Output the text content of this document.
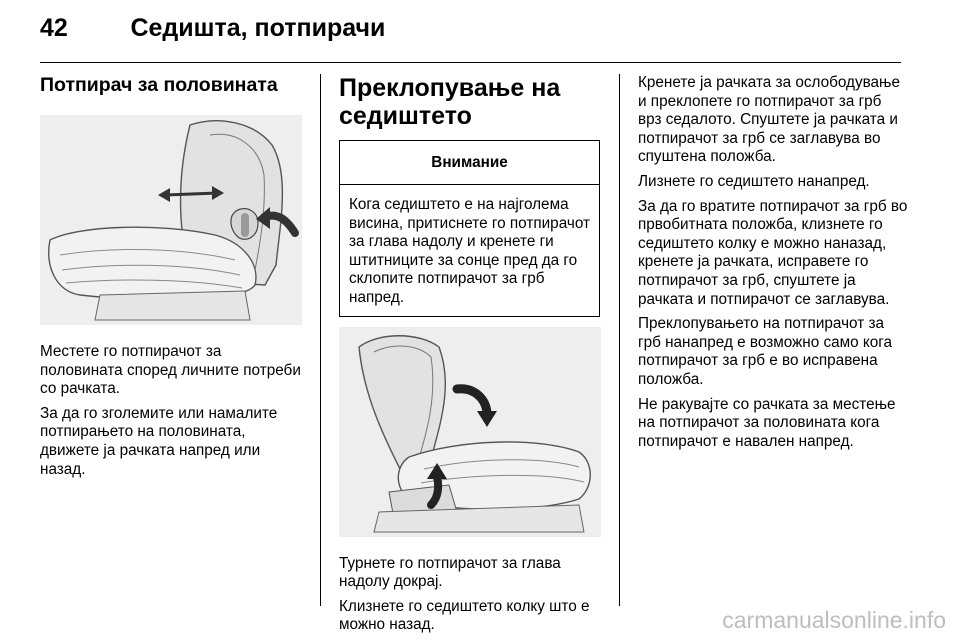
42	Седишта, потпирачи
Потпирач за половината
Местете го потпирачот за половината според личните потреби со рачката.
За да го зголемите или намалите потпирањето на половината, движете ја рачката напред или назад.
Преклопување на седиштето
Внимание
Кога седиштето е на најголема висина, притиснете го потпирачот за глава надолу и кренете ги штитниците за сонце пред да го склопите потпирачот за грб напред.
Турнете го потпирачот за глава надолу докрај.
Клизнете го седиштето колку што е можно назад.
Кренете ја рачката за ослободување и преклопете го потпирачот за грб врз седалото. Спуштете ја рачката и потпирачот за грб се заглавува во спуштена положба.
Лизнете го седиштето нанапред.
За да го вратите потпирачот за грб во првобитната положба, клизнете го седиштето колку е можно наназад, кренете ја рачката, исправете го потпирачот за грб, спуштете ја рачката и потпирачот се заглавува.
Преклопувањето на потпирачот за грб нанапред е возможно само кога потпирачот за грб е во исправена положба.
Не ракувајте со рачката за местење на потпирачот за половината кога потпирачот е навален напред.
carmanualsonline.info
